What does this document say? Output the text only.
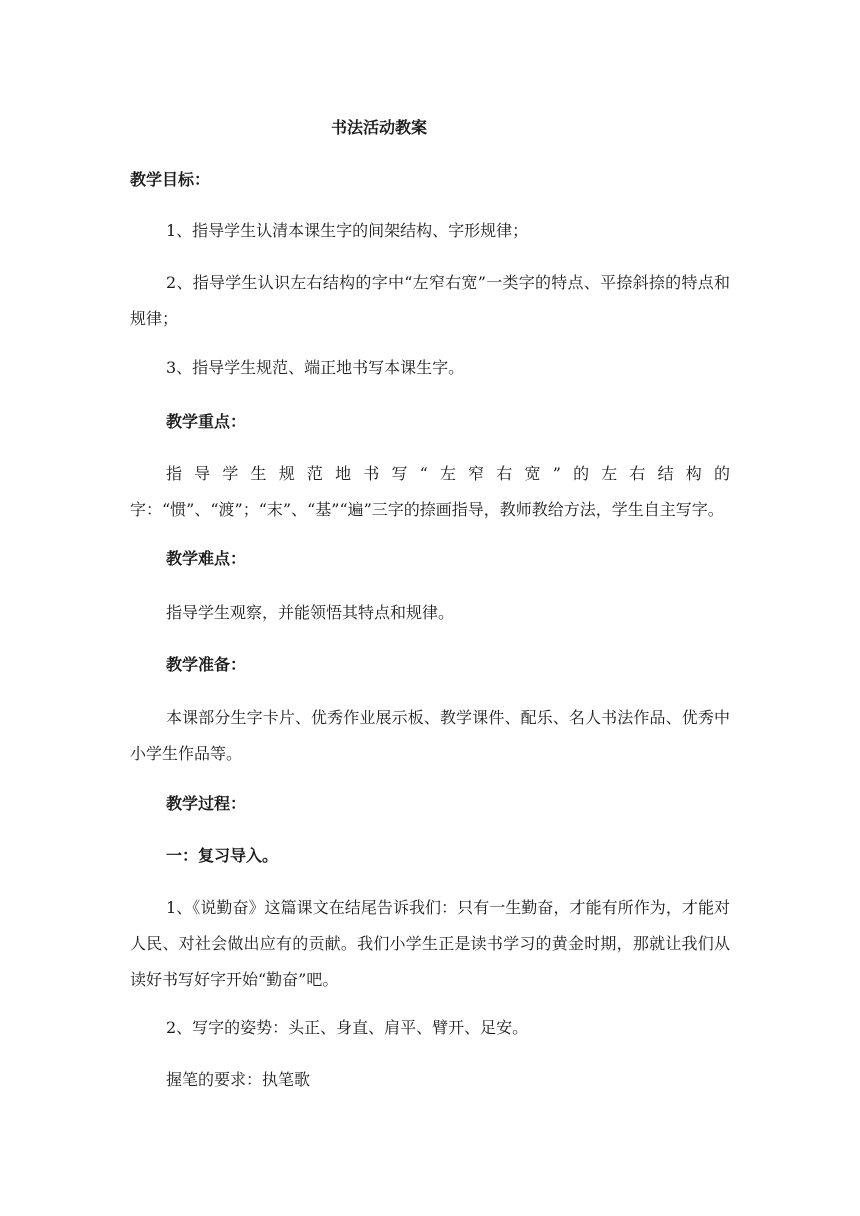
书法活动教案
教学目标：

1、指导学生认清本课生字的间架结构、字形规律；

2、指导学生认识左右结构的字中“左窄右宽”一类字的特点、平捺斜捺的特点和规律；

3、指导学生规范、端正地书写本课生字。

教学重点：

指导学生规范地书写“左窄右宽”的左右结构的字：“惯”、“渡”；“末”、“基”“遍”三字的捺画指导，教师教给方法，学生自主写字。

教学难点：

指导学生观察，并能领悟其特点和规律。

教学准备：

本课部分生字卡片、优秀作业展示板、教学课件、配乐、名人书法作品、优秀中小学生作品等。

教学过程：

一：复习导入。

1、《说勤奋》这篇课文在结尾告诉我们：只有一生勤奋，才能有所作为，才能对人民、对社会做出应有的贡献。我们小学生正是读书学习的黄金时期，那就让我们从读好书写好字开始“勤奋”吧。

2、写字的姿势：头正、身直、肩平、臂开、足安。

握笔的要求：执笔歌
